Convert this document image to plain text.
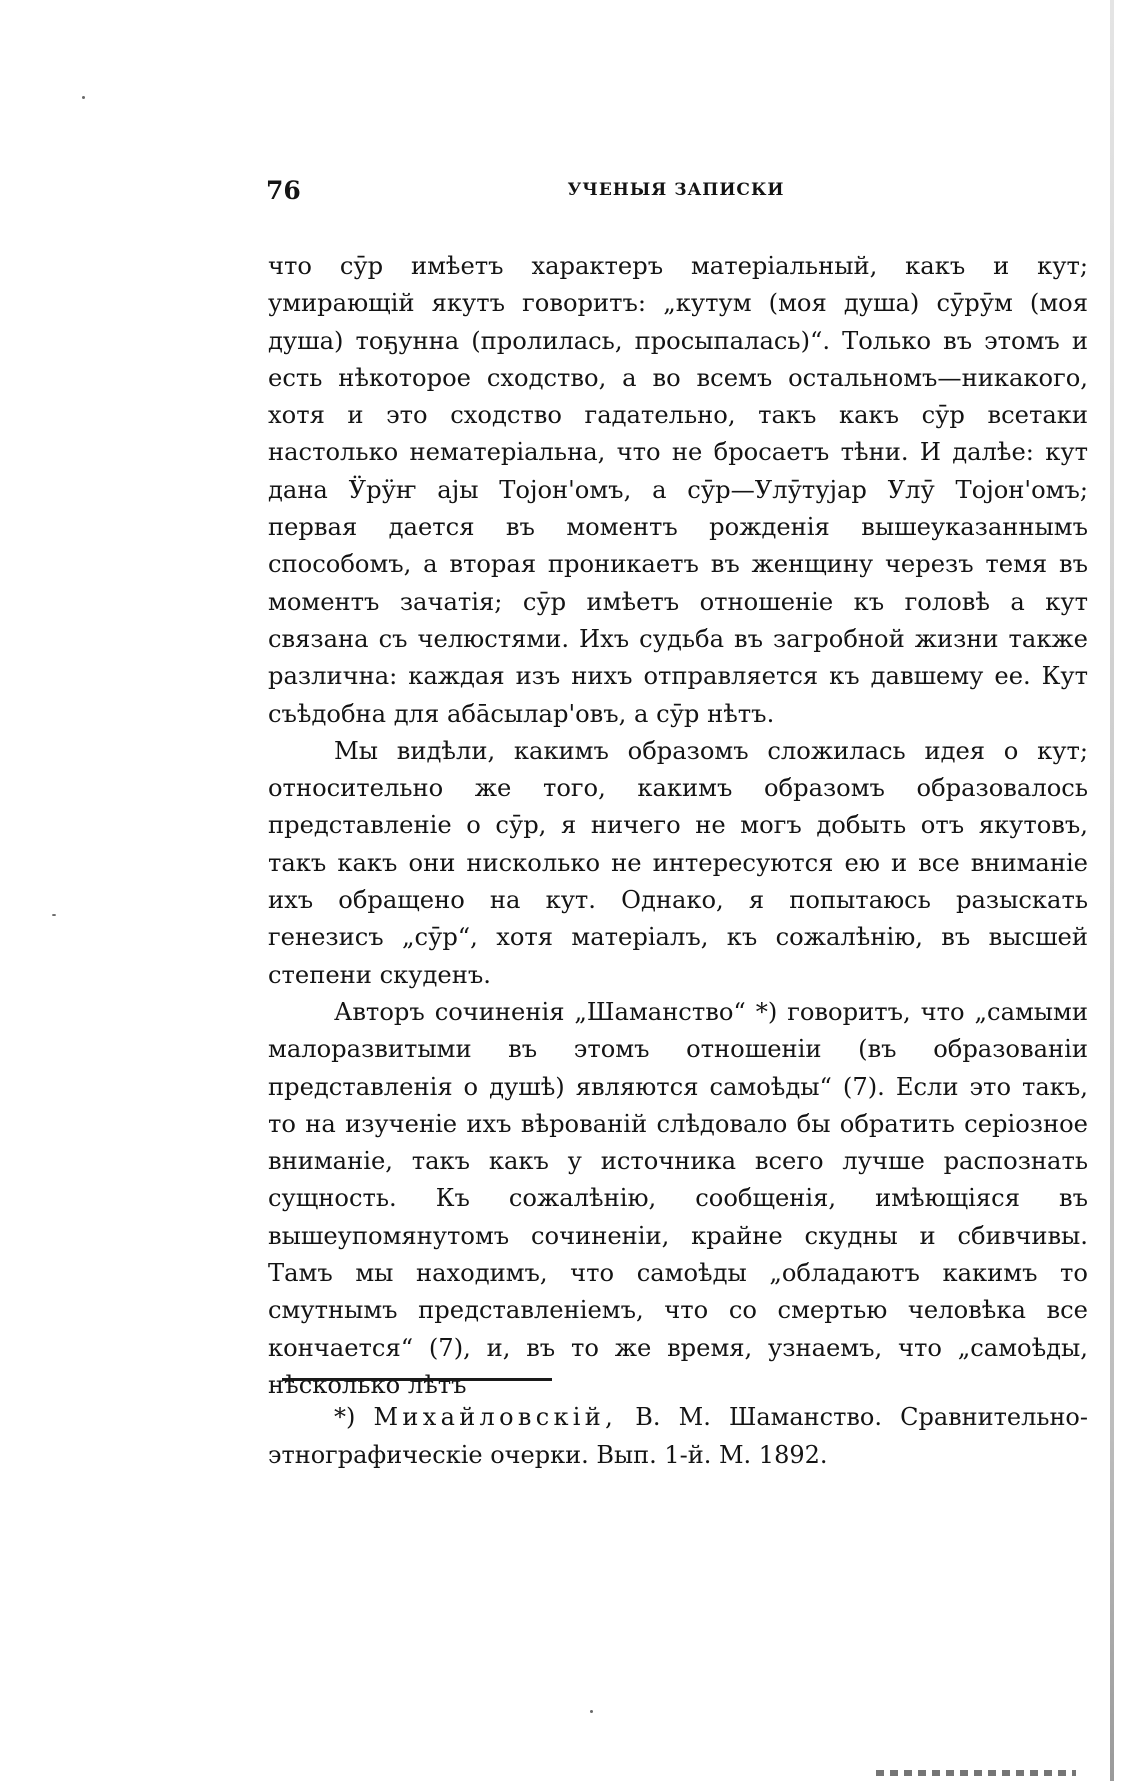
76	УЧЕНЫЯ ЗАПИСКИ

что сӯр имѣетъ характеръ матеріальный, какъ и кут; умирающій якутъ говоритъ: „кутум (моя душа) сӯрӯм (моя душа) тоҕунна (пролилась, просыпалась)“. Только въ этомъ и есть нѣкоторое сходство, а во всемъ остальномъ—никакого, хотя и это сходство гадательно, такъ какъ сӯр всетаки настолько нематеріальна, что не бросаетъ тѣни. И далѣе: кут дана Ӱрӱҥ ajы Тојон'омъ, а сӯр—Улӯтујар Улӯ Тојон'омъ; первая дается въ моментъ рожденія вышеуказаннымъ способомъ, а вторая проникаетъ въ женщину черезъ темя въ моментъ зачатія; сӯр имѣетъ отношеніе къ головѣ а кут связана съ челюстями. Ихъ судьба въ загробной жизни также различна: каждая изъ нихъ отправляется къ давшему ее. Кут съѣдобна для абāсылар'овъ, а сӯр нѣтъ.

Мы видѣли, какимъ образомъ сложилась идея о кут; относительно же того, какимъ образомъ образовалось представленіе о сӯр, я ничего не могъ добыть отъ якутовъ, такъ какъ они нисколько не интересуются ею и все вниманіе ихъ обращено на кут. Однако, я попытаюсь разыскать генезисъ „сӯр“, хотя матеріалъ, къ сожалѣнію, въ высшей степени скуденъ.

Авторъ сочиненія „Шаманство“ *) говоритъ, что „самыми малоразвитыми въ этомъ отношеніи (въ образованіи представленія о душѣ) являются самоѣды“ (7). Если это такъ, то на изученіе ихъ вѣрованій слѣдовало бы обратить серіозное вниманіе, такъ какъ у источника всего лучше распознать сущность. Къ сожалѣнію, сообщенія, имѣющіяся въ вышеупомянутомъ сочиненіи, крайне скудны и сбивчивы. Тамъ мы находимъ, что самоѣды „обладаютъ какимъ то смутнымъ представленіемъ, что со смертью человѣка все кончается“ (7), и, въ то же время, узнаемъ, что „самоѣды, нѣсколько лѣтъ

*) Михайловскій, В. М. Шаманство. Сравнительно-этнографическіе очерки. Вып. 1-й. М. 1892.
